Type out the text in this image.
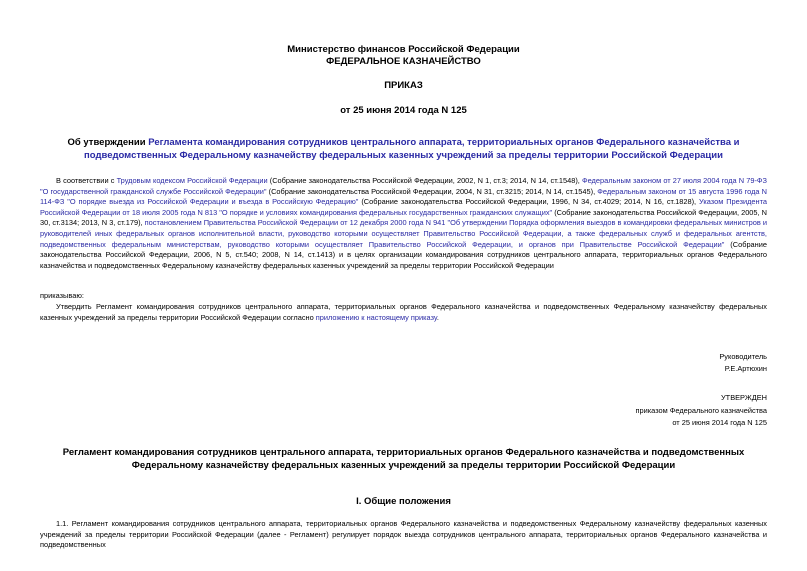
Министерство финансов Российской Федерации
ФЕДЕРАЛЬНОЕ КАЗНАЧЕЙСТВО
ПРИКАЗ
от 25 июня 2014 года N 125
Об утверждении Регламента командирования сотрудников центрального аппарата, территориальных органов Федерального казначейства и подведомственных Федеральному казначейству федеральных казенных учреждений за пределы территории Российской Федерации
В соответствии с Трудовым кодексом Российской Федерации (Собрание законодательства Российской Федерации, 2002, N 1, ст.3; 2014, N 14, ст.1548), Федеральным законом от 27 июля 2004 года N 79-ФЗ "О государственной гражданской службе Российской Федерации" (Собрание законодательства Российской Федерации, 2004, N 31, ст.3215; 2014, N 14, ст.1545), Федеральным законом от 15 августа 1996 года N 114-ФЗ "О порядке выезда из Российской Федерации и въезда в Российскую Федерацию" (Собрание законодательства Российской Федерации, 1996, N 34, ст.4029; 2014, N 16, ст.1828), Указом Президента Российской Федерации от 18 июля 2005 года N 813 "О порядке и условиях командирования федеральных государственных гражданских служащих" (Собрание законодательства Российской Федерации, 2005, N 30, ст.3134; 2013, N 3, ст.179), постановлением Правительства Российской Федерации от 12 декабря 2000 года N 941 "Об утверждении Порядка оформления выездов в командировки федеральных министров и руководителей иных федеральных органов исполнительной власти, руководство которыми осуществляет Правительство Российской Федерации, а также федеральных служб и федеральных агентств, подведомственных федеральным министерствам, руководство которыми осуществляет Правительство Российской Федерации, и органов при Правительстве Российской Федерации" (Собрание законодательства Российской Федерации, 2006, N 5, ст.540; 2008, N 14, ст.1413) и в целях организации командирования сотрудников центрального аппарата, территориальных органов Федерального казначейства и подведомственных Федеральному казначейству федеральных казенных учреждений за пределы территории Российской Федерации
приказываю:
Утвердить Регламент командирования сотрудников центрального аппарата, территориальных органов Федерального казначейства и подведомственных Федеральному казначейству федеральных казенных учреждений за пределы территории Российской Федерации согласно приложению к настоящему приказу.
Руководитель
Р.Е.Артюхин
УТВЕРЖДЕН
приказом Федерального казначейства
от 25 июня 2014 года N 125
Регламент командирования сотрудников центрального аппарата, территориальных органов Федерального казначейства и подведомственных Федеральному казначейству федеральных казенных учреждений за пределы территории Российской Федерации
I. Общие положения
1.1. Регламент командирования сотрудников центрального аппарата, территориальных органов Федерального казначейства и подведомственных Федеральному казначейству федеральных казенных учреждений за пределы территории Российской Федерации (далее - Регламент) регулирует порядок выезда сотрудников центрального аппарата, территориальных органов Федерального казначейства и подведомственных
